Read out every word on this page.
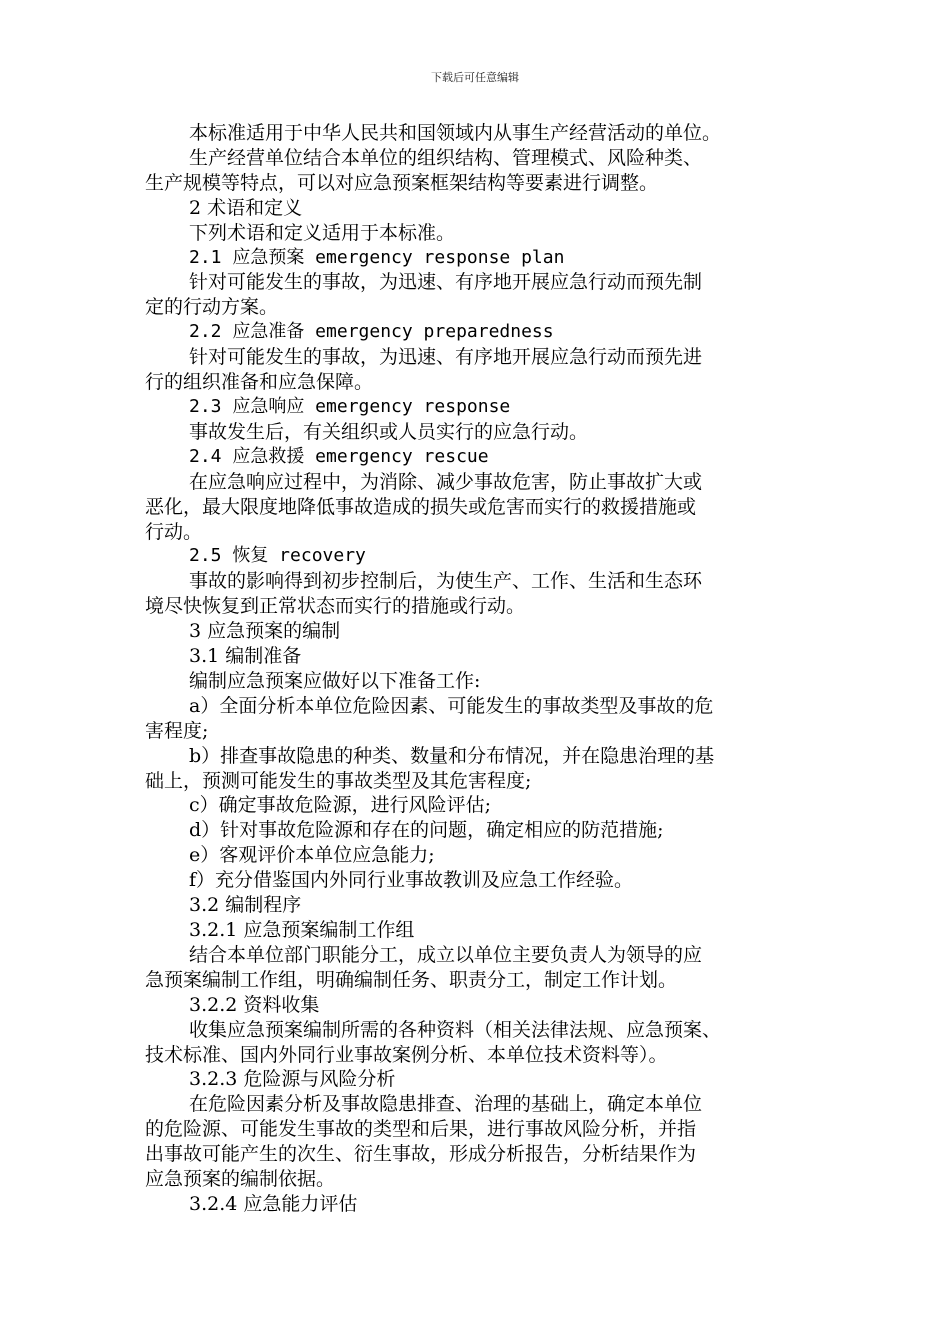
下载后可任意编辑

本标准适用于中华人民共和国领域内从事生产经营活动的单位。

生产经营单位结合本单位的组织结构、管理模式、风险种类、

生产规模等特点，可以对应急预案框架结构等要素进行调整。

2 术语和定义

下列术语和定义适用于本标准。

2.1 应急预案 emergency response plan

针对可能发生的事故，为迅速、有序地开展应急行动而预先制

定的行动方案。

2.2 应急准备 emergency preparedness

针对可能发生的事故，为迅速、有序地开展应急行动而预先进

行的组织准备和应急保障。

2.3 应急响应 emergency response

事故发生后，有关组织或人员实行的应急行动。

2.4 应急救援 emergency rescue

在应急响应过程中，为消除、减少事故危害，防止事故扩大或

恶化，最大限度地降低事故造成的损失或危害而实行的救援措施或

行动。

2.5 恢复 recovery

事故的影响得到初步控制后，为使生产、工作、生活和生态环

境尽快恢复到正常状态而实行的措施或行动。

3 应急预案的编制

3.1 编制准备

编制应急预案应做好以下准备工作:

a）全面分析本单位危险因素、可能发生的事故类型及事故的危

害程度;

b）排查事故隐患的种类、数量和分布情况，并在隐患治理的基

础上，预测可能发生的事故类型及其危害程度;

c）确定事故危险源，进行风险评估;

d）针对事故危险源和存在的问题，确定相应的防范措施;

e）客观评价本单位应急能力;

f）充分借鉴国内外同行业事故教训及应急工作经验。

3.2 编制程序

3.2.1 应急预案编制工作组

结合本单位部门职能分工，成立以单位主要负责人为领导的应

急预案编制工作组，明确编制任务、职责分工，制定工作计划。

3.2.2 资料收集

收集应急预案编制所需的各种资料（相关法律法规、应急预案、

技术标准、国内外同行业事故案例分析、本单位技术资料等）。

3.2.3 危险源与风险分析

在危险因素分析及事故隐患排查、治理的基础上，确定本单位

的危险源、可能发生事故的类型和后果，进行事故风险分析，并指

出事故可能产生的次生、衍生事故，形成分析报告，分析结果作为

应急预案的编制依据。

3.2.4 应急能力评估
